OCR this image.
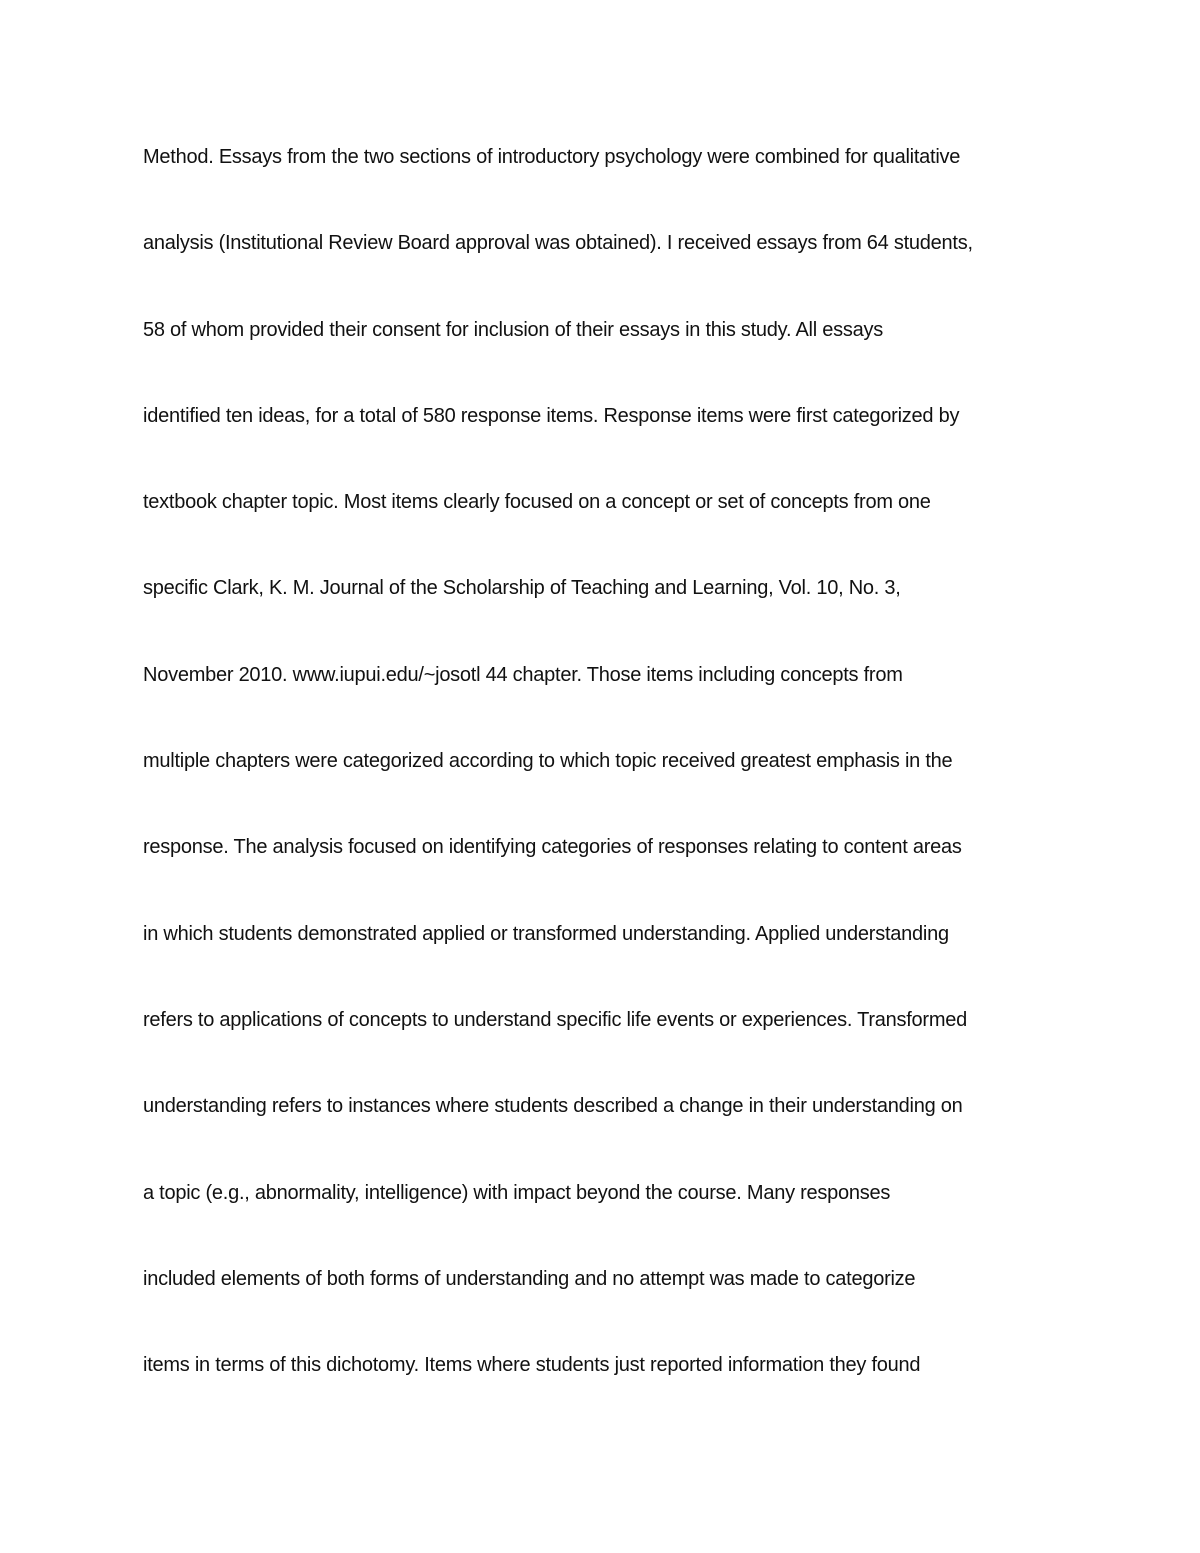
Method. Essays from the two sections of introductory psychology were combined for qualitative
analysis (Institutional Review Board approval was obtained). I received essays from 64 students,
58 of whom provided their consent for inclusion of their essays in this study. All essays
identified ten ideas, for a total of 580 response items. Response items were first categorized by
textbook chapter topic. Most items clearly focused on a concept or set of concepts from one
specific Clark, K. M. Journal of the Scholarship of Teaching and Learning, Vol. 10, No. 3,
November 2010. www.iupui.edu/~josotl 44 chapter. Those items including concepts from
multiple chapters were categorized according to which topic received greatest emphasis in the
response. The analysis focused on identifying categories of responses relating to content areas
in which students demonstrated applied or transformed understanding. Applied understanding
refers to applications of concepts to understand specific life events or experiences. Transformed
understanding refers to instances where students described a change in their understanding on
a topic (e.g., abnormality, intelligence) with impact beyond the course. Many responses
included elements of both forms of understanding and no attempt was made to categorize
items in terms of this dichotomy. Items where students just reported information they found
